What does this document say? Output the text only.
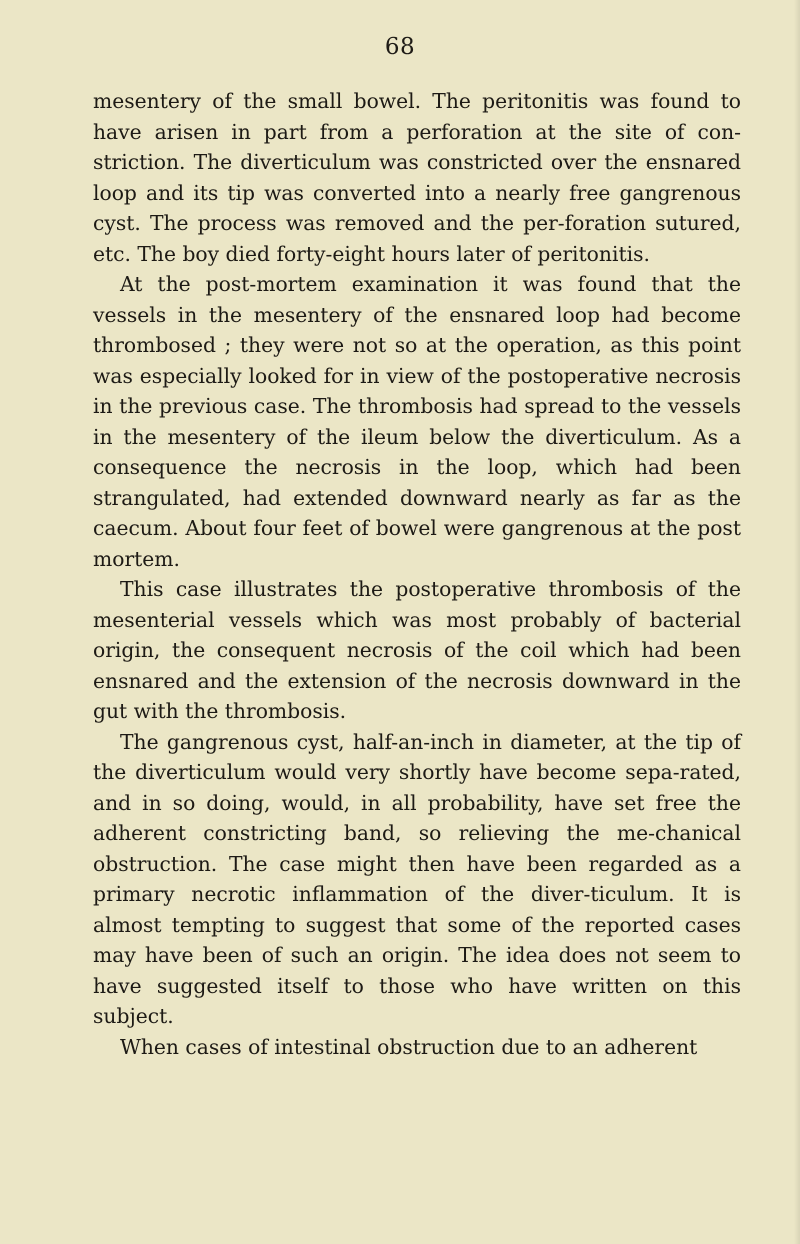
68

mesentery of the small bowel. The peritonitis was found to have arisen in part from a perforation at the site of con-striction. The diverticulum was constricted over the ensnared loop and its tip was converted into a nearly free gangrenous cyst. The process was removed and the per-foration sutured, etc. The boy died forty-eight hours later of peritonitis.

At the post-mortem examination it was found that the vessels in the mesentery of the ensnared loop had become thrombosed ; they were not so at the operation, as this point was especially looked for in view of the postoperative necrosis in the previous case. The thrombosis had spread to the vessels in the mesentery of the ileum below the diverticulum. As a consequence the necrosis in the loop, which had been strangulated, had extended downward nearly as far as the caecum. About four feet of bowel were gangrenous at the post mortem.

This case illustrates the postoperative thrombosis of the mesenterial vessels which was most probably of bacterial origin, the consequent necrosis of the coil which had been ensnared and the extension of the necrosis downward in the gut with the thrombosis.

The gangrenous cyst, half-an-inch in diameter, at the tip of the diverticulum would very shortly have become sepa-rated, and in so doing, would, in all probability, have set free the adherent constricting band, so relieving the me-chanical obstruction. The case might then have been regarded as a primary necrotic inflammation of the diver-ticulum. It is almost tempting to suggest that some of the reported cases may have been of such an origin. The idea does not seem to have suggested itself to those who have written on this subject.

When cases of intestinal obstruction due to an adherent
